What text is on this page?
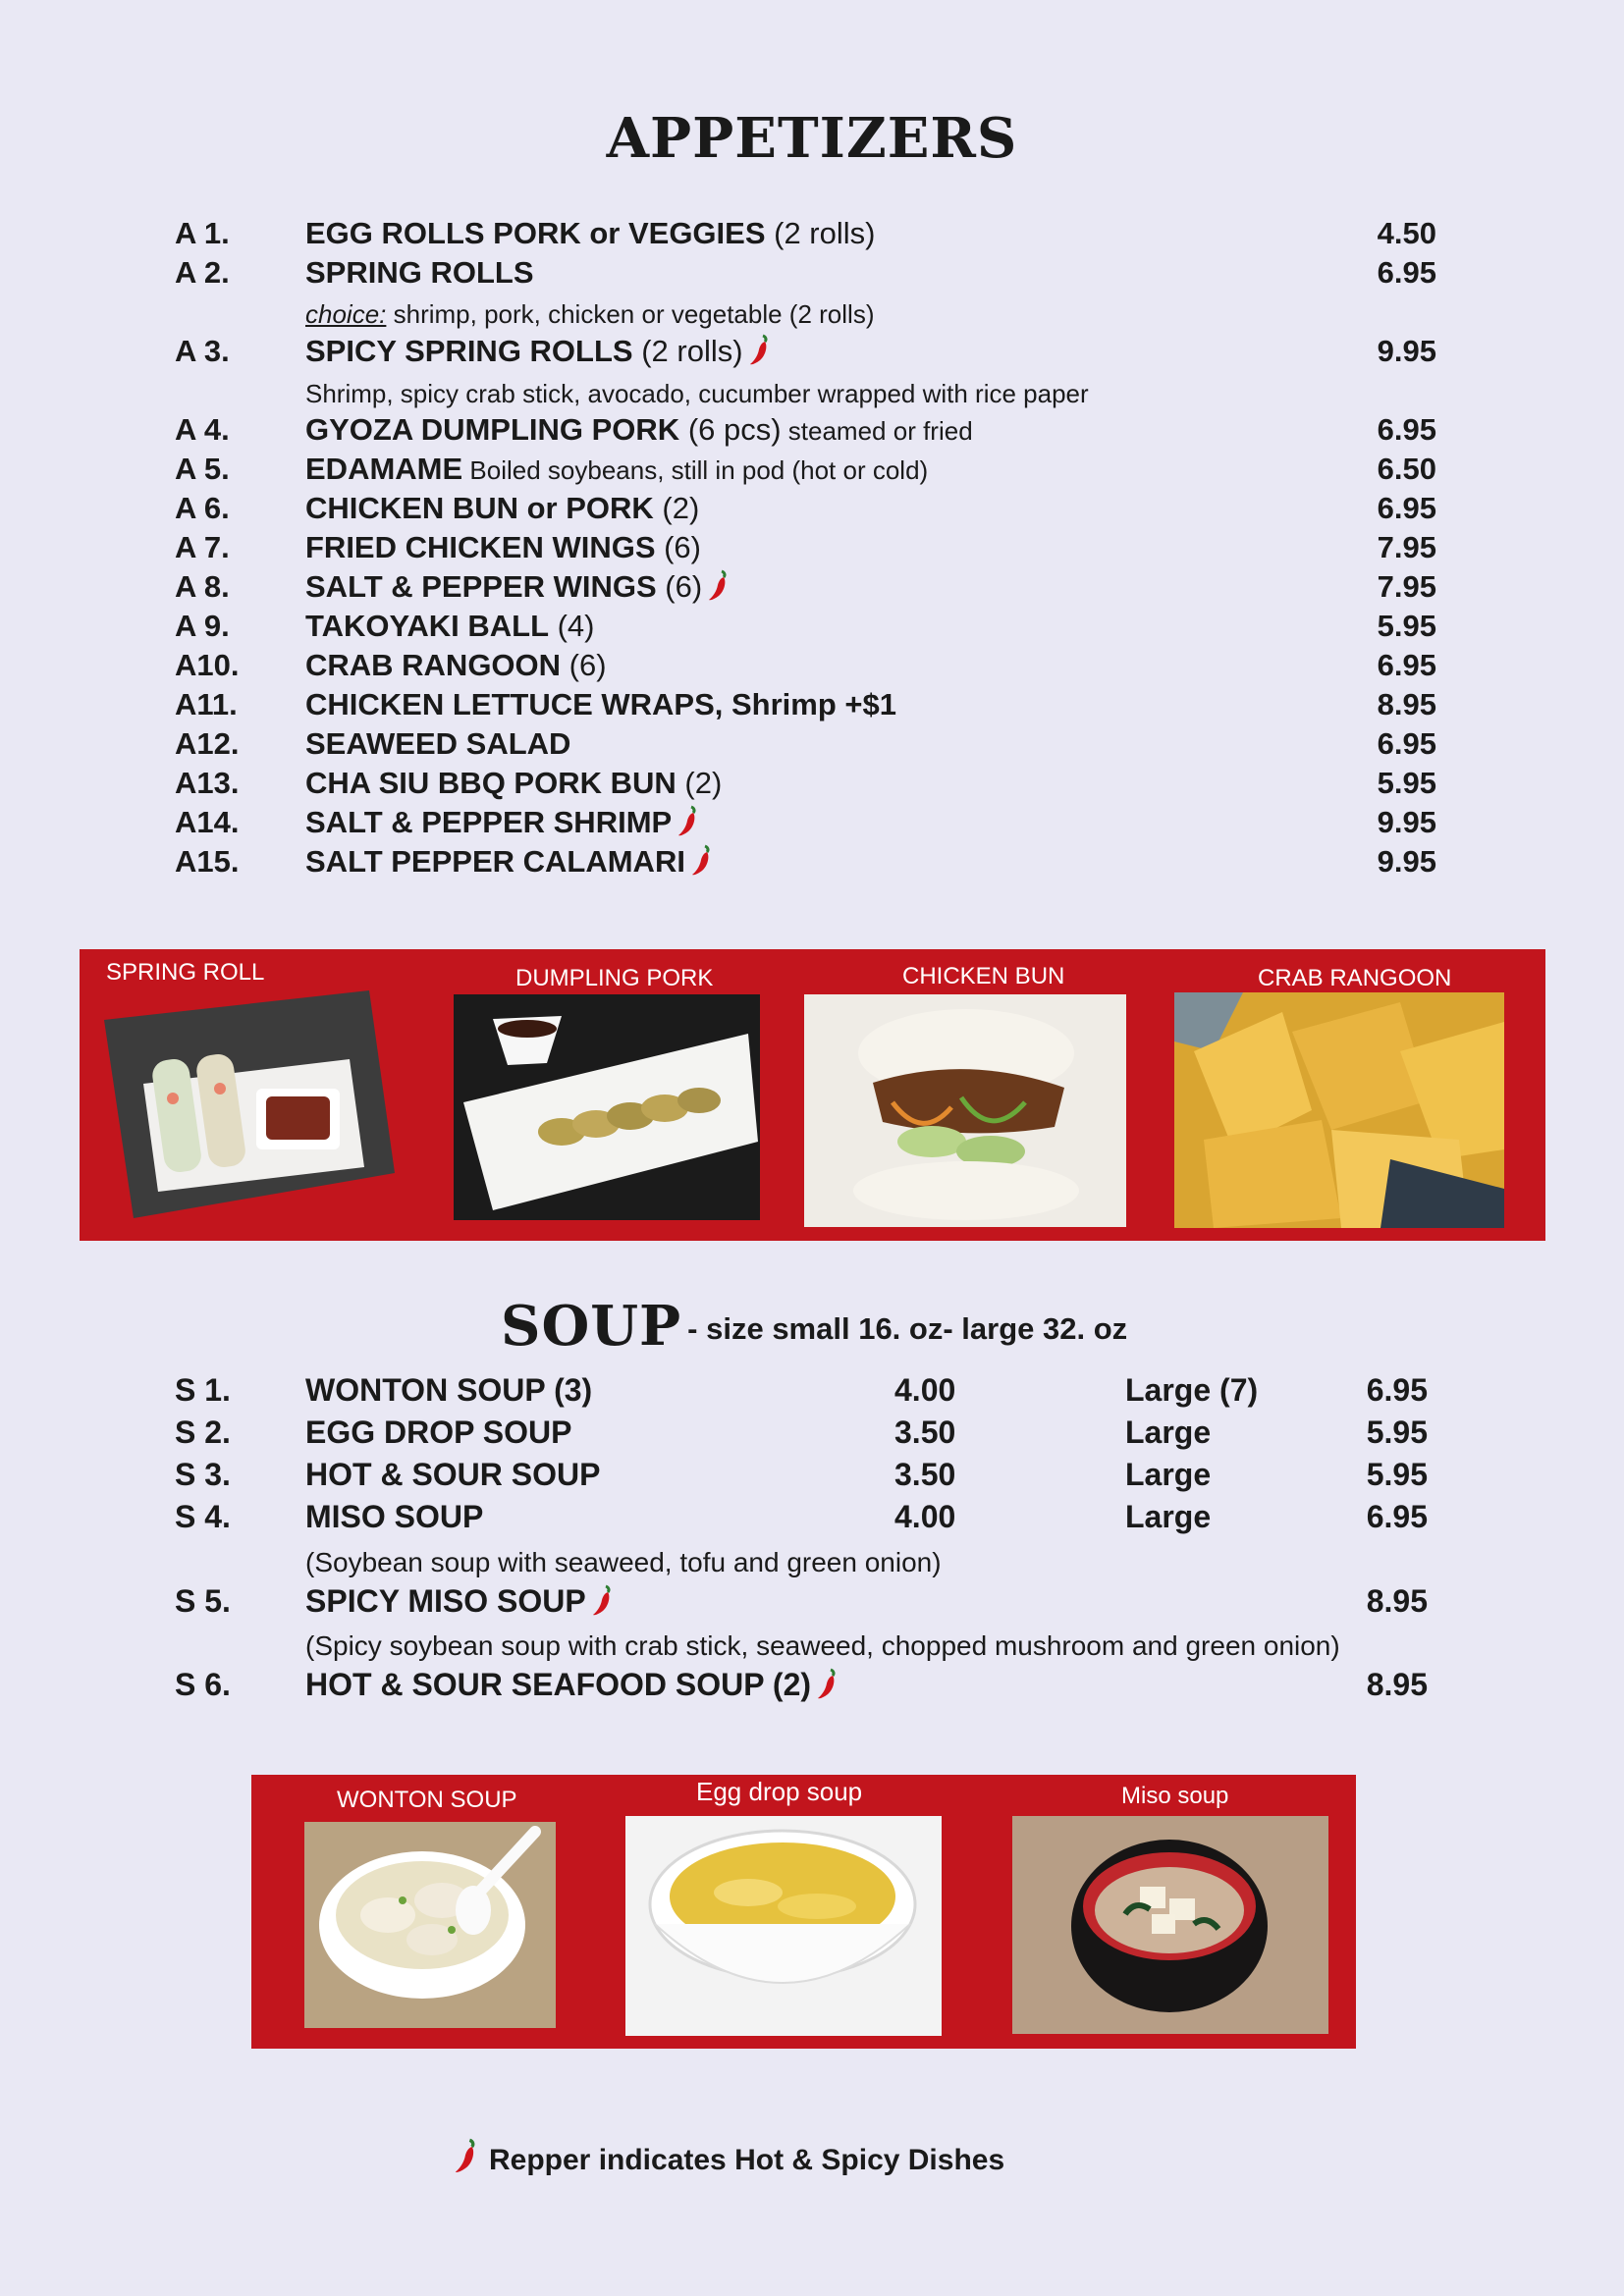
APPETIZERS
A 1. EGG ROLLS PORK or VEGGIES (2 rolls)	4.50
A 2. SPRING ROLLS	6.95
choice: shrimp, pork, chicken or vegetable (2 rolls)
A 3. SPICY SPRING ROLLS (2 rolls)	9.95
Shrimp, spicy crab stick, avocado, cucumber wrapped with rice paper
A 4. GYOZA DUMPLING PORK (6 pcs) steamed or fried	6.95
A 5. EDAMAME Boiled soybeans, still in pod (hot or cold)	6.50
A 6. CHICKEN BUN or PORK (2)	6.95
A 7. FRIED CHICKEN WINGS (6)	7.95
A 8. SALT & PEPPER WINGS (6)	7.95
A 9. TAKOYAKI BALL (4)	5.95
A10. CRAB RANGOON (6)	6.95
A11. CHICKEN LETTUCE WRAPS, Shrimp +$1	8.95
A12. SEAWEED SALAD	6.95
A13. CHA SIU BBQ PORK BUN (2)	5.95
A14. SALT & PEPPER SHRIMP	9.95
A15. SALT PEPPER CALAMARI	9.95
SPRING ROLL	DUMPLING PORK	CHICKEN BUN	CRAB RANGOON
SOUP - size small 16. oz- large 32. oz
S 1. WONTON SOUP (3)	4.00	Large (7)	6.95
S 2. EGG DROP SOUP	3.50	Large	5.95
S 3. HOT & SOUR SOUP	3.50	Large	5.95
S 4. MISO SOUP	4.00	Large	6.95
(Soybean soup with seaweed, tofu and green onion)
S 5. SPICY MISO SOUP	8.95
(Spicy soybean soup with crab stick, seaweed, chopped mushroom and green onion)
S 6. HOT & SOUR SEAFOOD SOUP (2)	8.95
WONTON SOUP	Egg drop soup	Miso soup
Repper indicates Hot & Spicy Dishes
